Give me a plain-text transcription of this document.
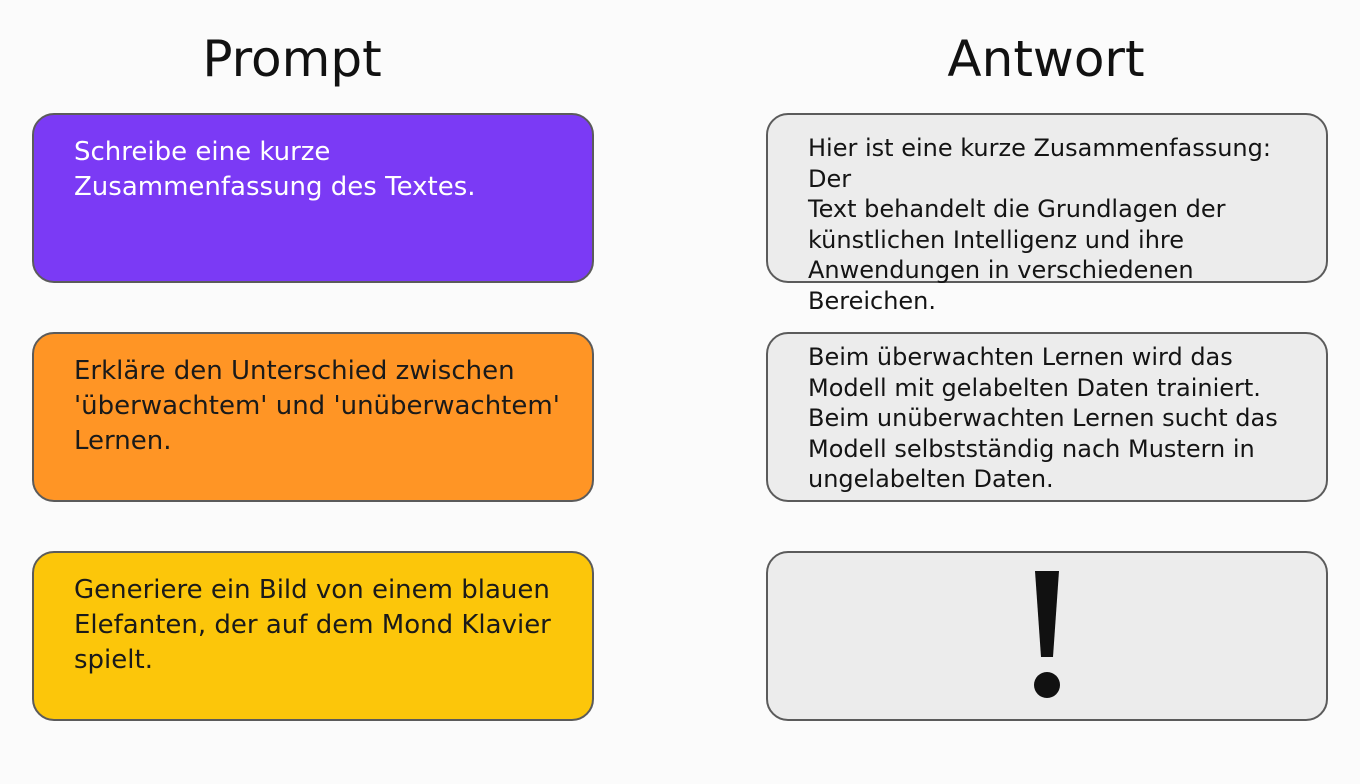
Prompt	Antwort

Schreibe eine kurze
Zusammenfassung des Textes.

Hier ist eine kurze Zusammenfassung: Der
Text behandelt die Grundlagen der
künstlichen Intelligenz und ihre
Anwendungen in verschiedenen Bereichen.

Erkläre den Unterschied zwischen
'überwachtem' und 'unüberwachtem'
Lernen.

Beim überwachten Lernen wird das
Modell mit gelabelten Daten trainiert.
Beim unüberwachten Lernen sucht das
Modell selbstständig nach Mustern in
ungelabelten Daten.

Generiere ein Bild von einem blauen
Elefanten, der auf dem Mond Klavier
spielt.
